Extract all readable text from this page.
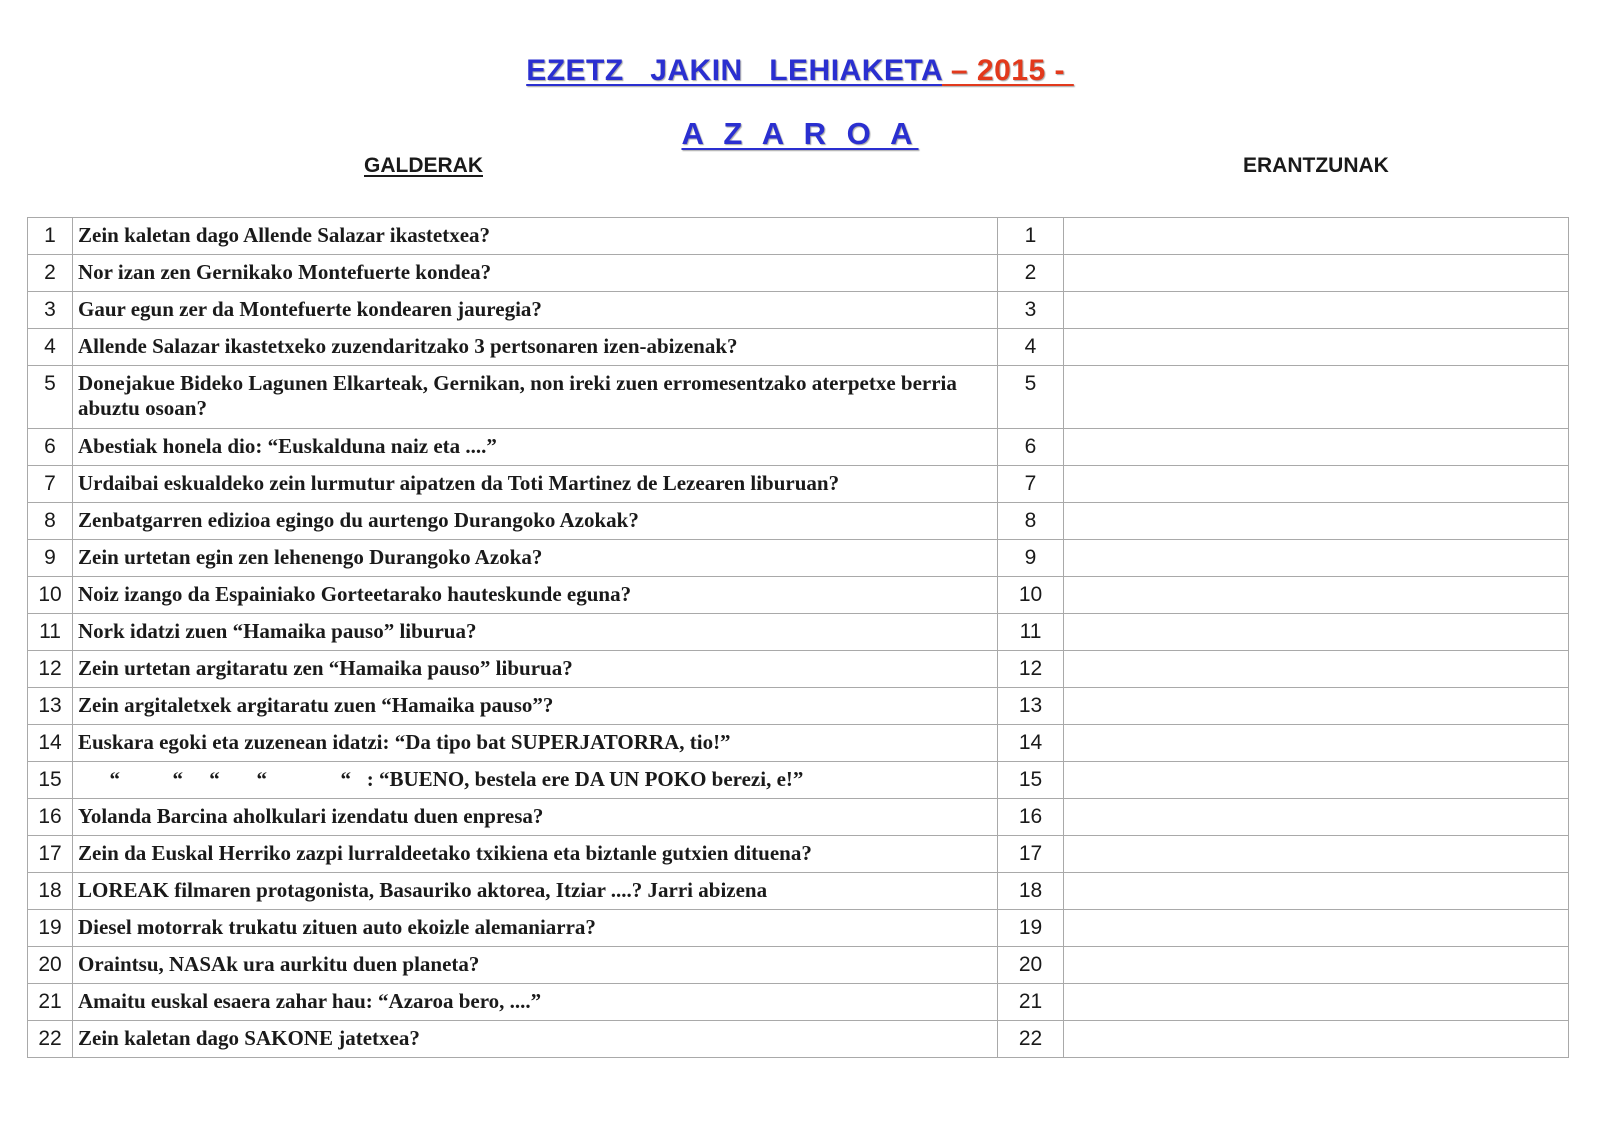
EZETZ   JAKIN   LEHIAKETA – 2015 -
A Z A R O A
GALDERAK	ERANTZUNAK
1	Zein kaletan dago Allende Salazar ikastetxea?	1	
2	Nor izan zen Gernikako Montefuerte kondea?	2	
3	Gaur egun zer da Montefuerte kondearen jauregia?	3	
4	Allende Salazar ikastetxeko zuzendaritzako 3 pertsonaren izen-abizenak?	4	
5	Donejakue Bideko Lagunen Elkarteak, Gernikan, non ireki zuen erromesentzako aterpetxe berria abuztu osoan?	5	
6	Abestiak honela dio: “Euskalduna naiz eta ....”	6	
7	Urdaibai eskualdeko zein lurmutur aipatzen da Toti Martinez de Lezearen liburuan?	7	
8	Zenbatgarren edizioa egingo du aurtengo Durangoko Azokak?	8	
9	Zein urtetan egin zen lehenengo Durangoko Azoka?	9	
10	Noiz izango da Espainiako Gorteetarako hauteskunde eguna?	10	
11	Nork idatzi zuen “Hamaika pauso” liburua?	11	
12	Zein urtetan argitaratu zen “Hamaika pauso” liburua?	12	
13	Zein argitaletxek argitaratu zuen “Hamaika pauso”?	13	
14	Euskara egoki eta zuzenean idatzi: “Da tipo bat SUPERJATORRA, tio!”	14	
15	“          “     “       “              “   : “BUENO, bestela ere DA UN POKO berezi, e!”	15	
16	Yolanda Barcina aholkulari izendatu duen enpresa?	16	
17	Zein da Euskal Herriko zazpi lurraldeetako txikiena eta biztanle gutxien dituena?	17	
18	LOREAK filmaren protagonista, Basauriko aktorea, Itziar ....? Jarri abizena	18	
19	Diesel motorrak trukatu zituen auto ekoizle alemaniarra?	19	
20	Oraintsu, NASAk ura aurkitu duen planeta?	20	
21	Amaitu euskal esaera zahar hau: “Azaroa bero, ....”	21	
22	Zein kaletan dago SAKONE jatetxea?	22	
